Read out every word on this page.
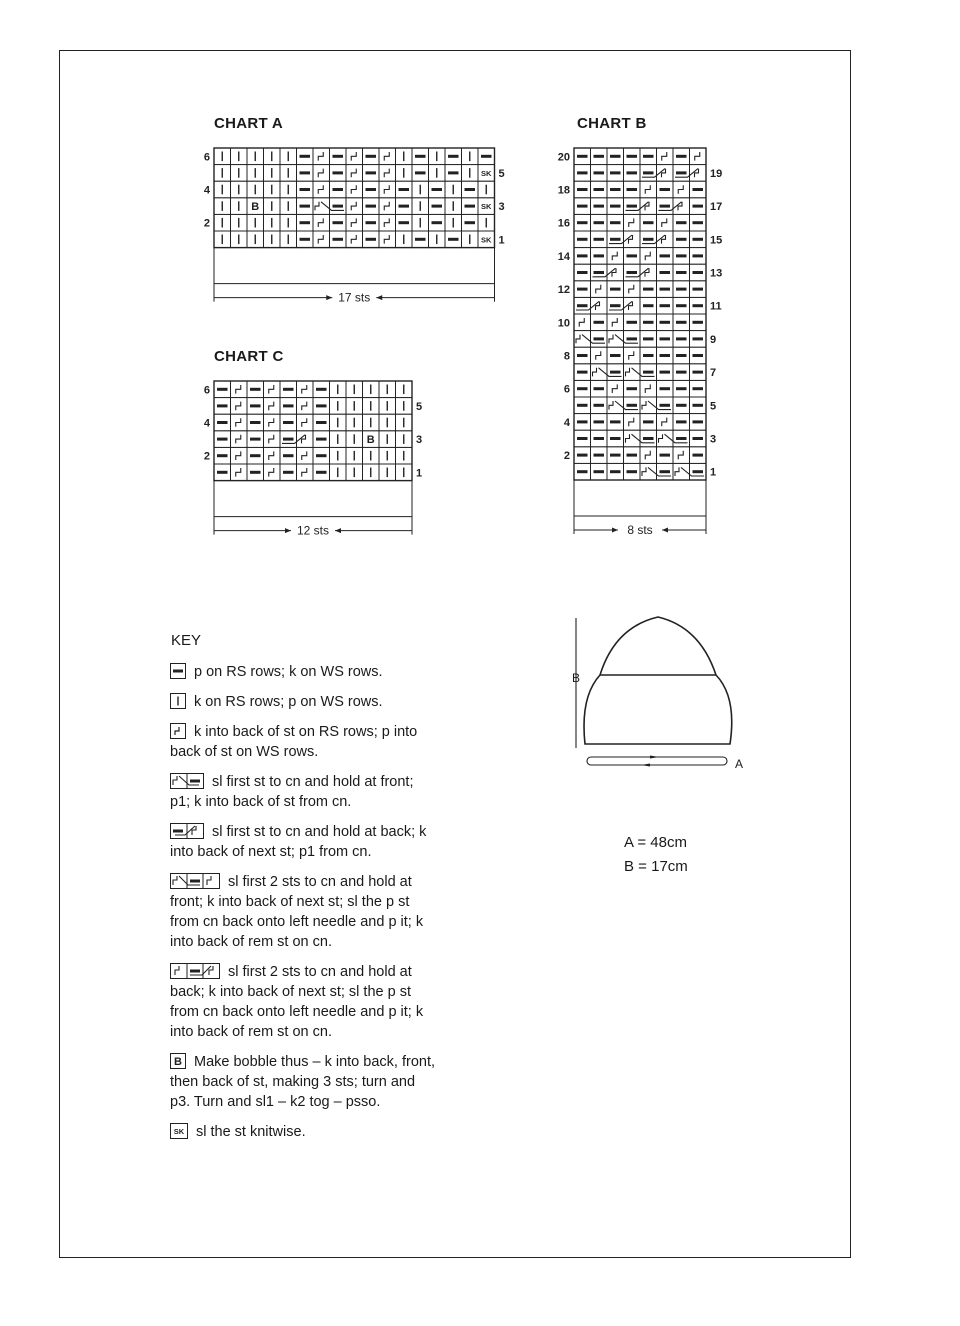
CHART A	CHART B
CHART C
SK
B	SK
SK
6
4
2
5
3
1
17 sts
20
18
16
14
12
10
8
6
4
2
19
17
15
13
11
9
7
5
3
1
8 sts
B
6
4
2
5
3
1
12 sts
KEY
p on RS rows; k on WS rows.
k on RS rows; p on WS rows.
k into back of st on RS rows; p into back of st on WS rows.
sl first st to cn and hold at front; p1; k into back of st from cn.
sl first st to cn and hold at back; k into back of next st; p1 from cn.
sl first 2 sts to cn and hold at front; k into back of next st; sl the p st from cn back onto left needle and p it; k into back of rem st on cn.
sl first 2 sts to cn and hold at back; k into back of next st; sl the p st from cn back onto left needle and p it; k into back of rem st on cn.
B Make bobble thus – k into back, front, then back of st, making 3 sts; turn and p3. Turn and sl1 – k2 tog – psso.
SK sl the st knitwise.
B
A
A = 48cm
B = 17cm
